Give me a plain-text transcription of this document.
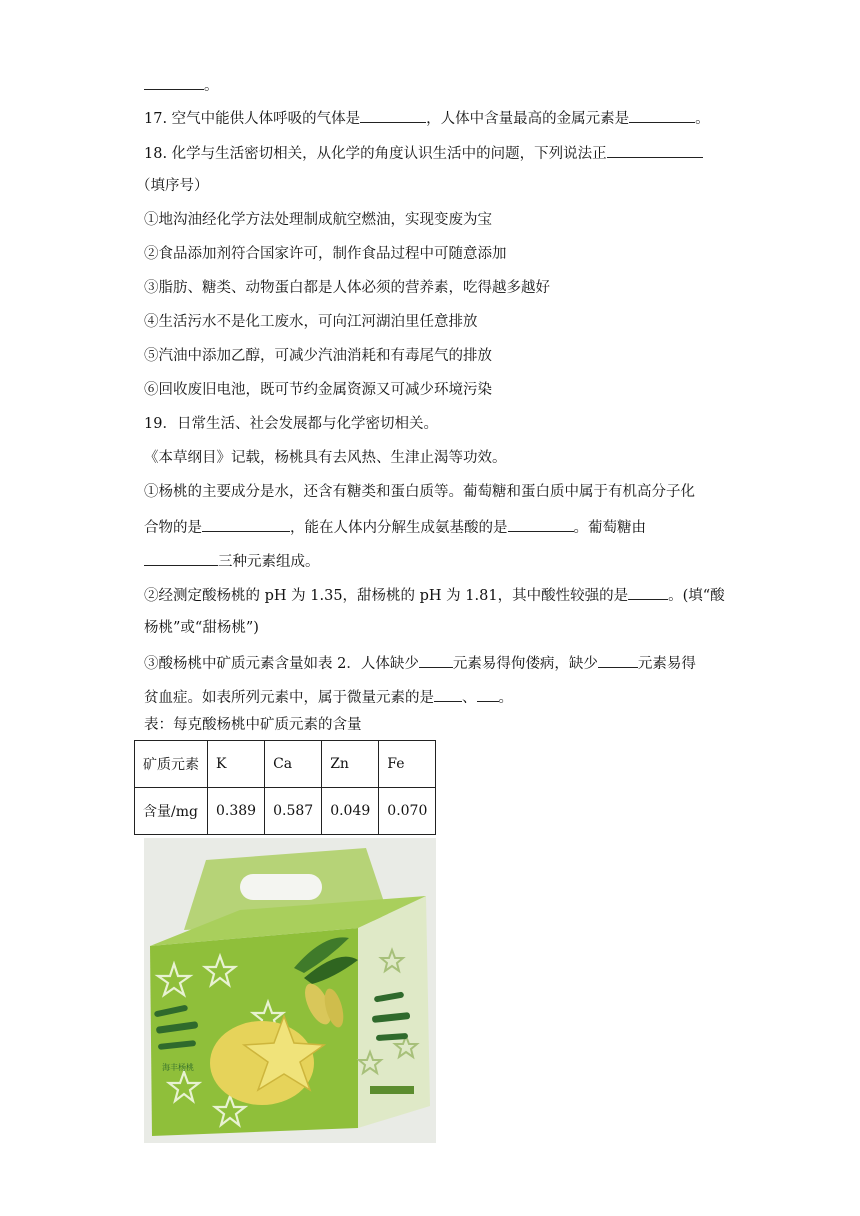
。
17. 空气中能供人体呼吸的气体是	，人体中含量最高的金属元素是	。
18. 化学与生活密切相关，从化学的角度认识生活中的问题，下列说法正
（填序号）
①地沟油经化学方法处理制成航空燃油，实现变废为宝
②食品添加剂符合国家许可，制作食品过程中可随意添加
③脂肪、糖类、动物蛋白都是人体必须的营养素，吃得越多越好
④生活污水不是化工废水，可向江河湖泊里任意排放
⑤汽油中添加乙醇，可减少汽油消耗和有毒尾气的排放
⑥回收废旧电池，既可节约金属资源又可减少环境污染
19．日常生活、社会发展都与化学密切相关。
《本草纲目》记载，杨桃具有去风热、生津止渴等功效。
①杨桃的主要成分是水，还含有糖类和蛋白质等。葡萄糖和蛋白质中属于有机高分子化
合物的是	，能在人体内分解生成氨基酸的是	。葡萄糖由
三种元素组成。
②经测定酸杨桃的 pH 为 1.35，甜杨桃的 pH 为 1.81，其中酸性较强的是	。(填“酸
杨桃”或“甜杨桃”)
③酸杨桃中矿质元素含量如表 2．人体缺少 元素易得佝偻病，缺少	元素易得
贫血症。如表所列元素中，属于微量元素的是 、 。
表：每克酸杨桃中矿质元素的含量
矿质元素	K	Ca	Zn	Fe
含量/mg	0.389	0.587	0.049	0.070
海丰杨桃
